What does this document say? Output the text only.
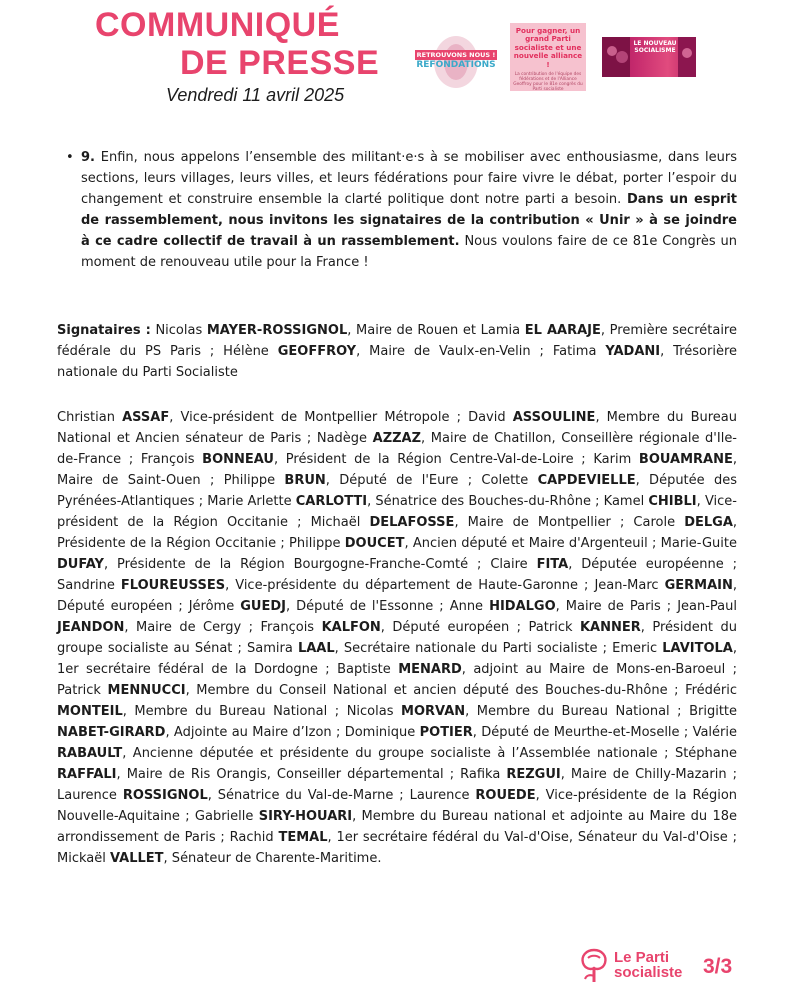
COMMUNIQUÉ
DE PRESSE
Vendredi 11 avril 2025
RETROUVONS NOUS !
REFONDATIONS
Pour gagner, un grand Parti socialiste et une nouvelle alliance !
La contribution de l'équipe des fédérations et de l'Alliance Geoffroy pour le 81e congrès du Parti socialiste
LE NOUVEAU SOCIALISME
• 9. Enfin, nous appelons l’ensemble des militant·e·s à se mobiliser avec enthousiasme, dans leurs sections, leurs villages, leurs villes, et leurs fédérations pour faire vivre le débat, porter l’espoir du changement et construire ensemble la clarté politique dont notre parti a besoin. Dans un esprit de rassemblement, nous invitons les signataires de la contribution « Unir » à se joindre à ce cadre collectif de travail à un rassemblement. Nous voulons faire de ce 81e Congrès un moment de renouveau utile pour la France !
Signataires : Nicolas MAYER-ROSSIGNOL, Maire de Rouen et Lamia EL AARAJE, Première secrétaire fédérale du PS Paris ; Hélène GEOFFROY, Maire de Vaulx-en-Velin ; Fatima YADANI, Trésorière nationale du Parti Socialiste
Christian ASSAF, Vice-président de Montpellier Métropole ; David ASSOULINE, Membre du Bureau National et Ancien sénateur de Paris ; Nadège AZZAZ, Maire de Chatillon, Conseillère régionale d'Ile-de-France ; François BONNEAU, Président de la Région Centre-Val-de-Loire ; Karim BOUAMRANE, Maire de Saint-Ouen ; Philippe BRUN, Député de l'Eure ; Colette CAPDEVIELLE, Députée des Pyrénées-Atlantiques ; Marie Arlette CARLOTTI, Sénatrice des Bouches-du-Rhône ; Kamel CHIBLI, Vice-président de la Région Occitanie ; Michaël DELAFOSSE, Maire de Montpellier ; Carole DELGA, Présidente de la Région Occitanie ; Philippe DOUCET, Ancien député et Maire d'Argenteuil ; Marie-Guite DUFAY, Présidente de la Région Bourgogne-Franche-Comté ; Claire FITA, Députée européenne ; Sandrine FLOUREUSSES, Vice-présidente du département de Haute-Garonne ; Jean-Marc GERMAIN, Député européen ; Jérôme GUEDJ, Député de l'Essonne ; Anne HIDALGO, Maire de Paris ; Jean-Paul JEANDON, Maire de Cergy ; François KALFON, Député européen ; Patrick KANNER, Président du groupe socialiste au Sénat ; Samira LAAL, Secrétaire nationale du Parti socialiste ; Emeric LAVITOLA, 1er secrétaire fédéral de la Dordogne ; Baptiste MENARD, adjoint au Maire de Mons-en-Baroeul ; Patrick MENNUCCI, Membre du Conseil National et ancien député des Bouches-du-Rhône ; Frédéric MONTEIL, Membre du Bureau National ; Nicolas MORVAN, Membre du Bureau National ; Brigitte NABET-GIRARD, Adjointe au Maire d’Izon ; Dominique POTIER, Député de Meurthe-et-Moselle ; Valérie RABAULT, Ancienne députée et présidente du groupe socialiste à l’Assemblée nationale ; Stéphane RAFFALI, Maire de Ris Orangis, Conseiller départemental ; Rafika REZGUI, Maire de Chilly-Mazarin ; Laurence ROSSIGNOL, Sénatrice du Val-de-Marne ; Laurence ROUEDE, Vice-présidente de la Région Nouvelle-Aquitaine ; Gabrielle SIRY-HOUARI, Membre du Bureau national et adjointe au Maire du 18e arrondissement de Paris ; Rachid TEMAL, 1er secrétaire fédéral du Val-d'Oise, Sénateur du Val-d'Oise ; Mickaël VALLET, Sénateur de Charente-Maritime.
Le Parti
socialiste 3/3
